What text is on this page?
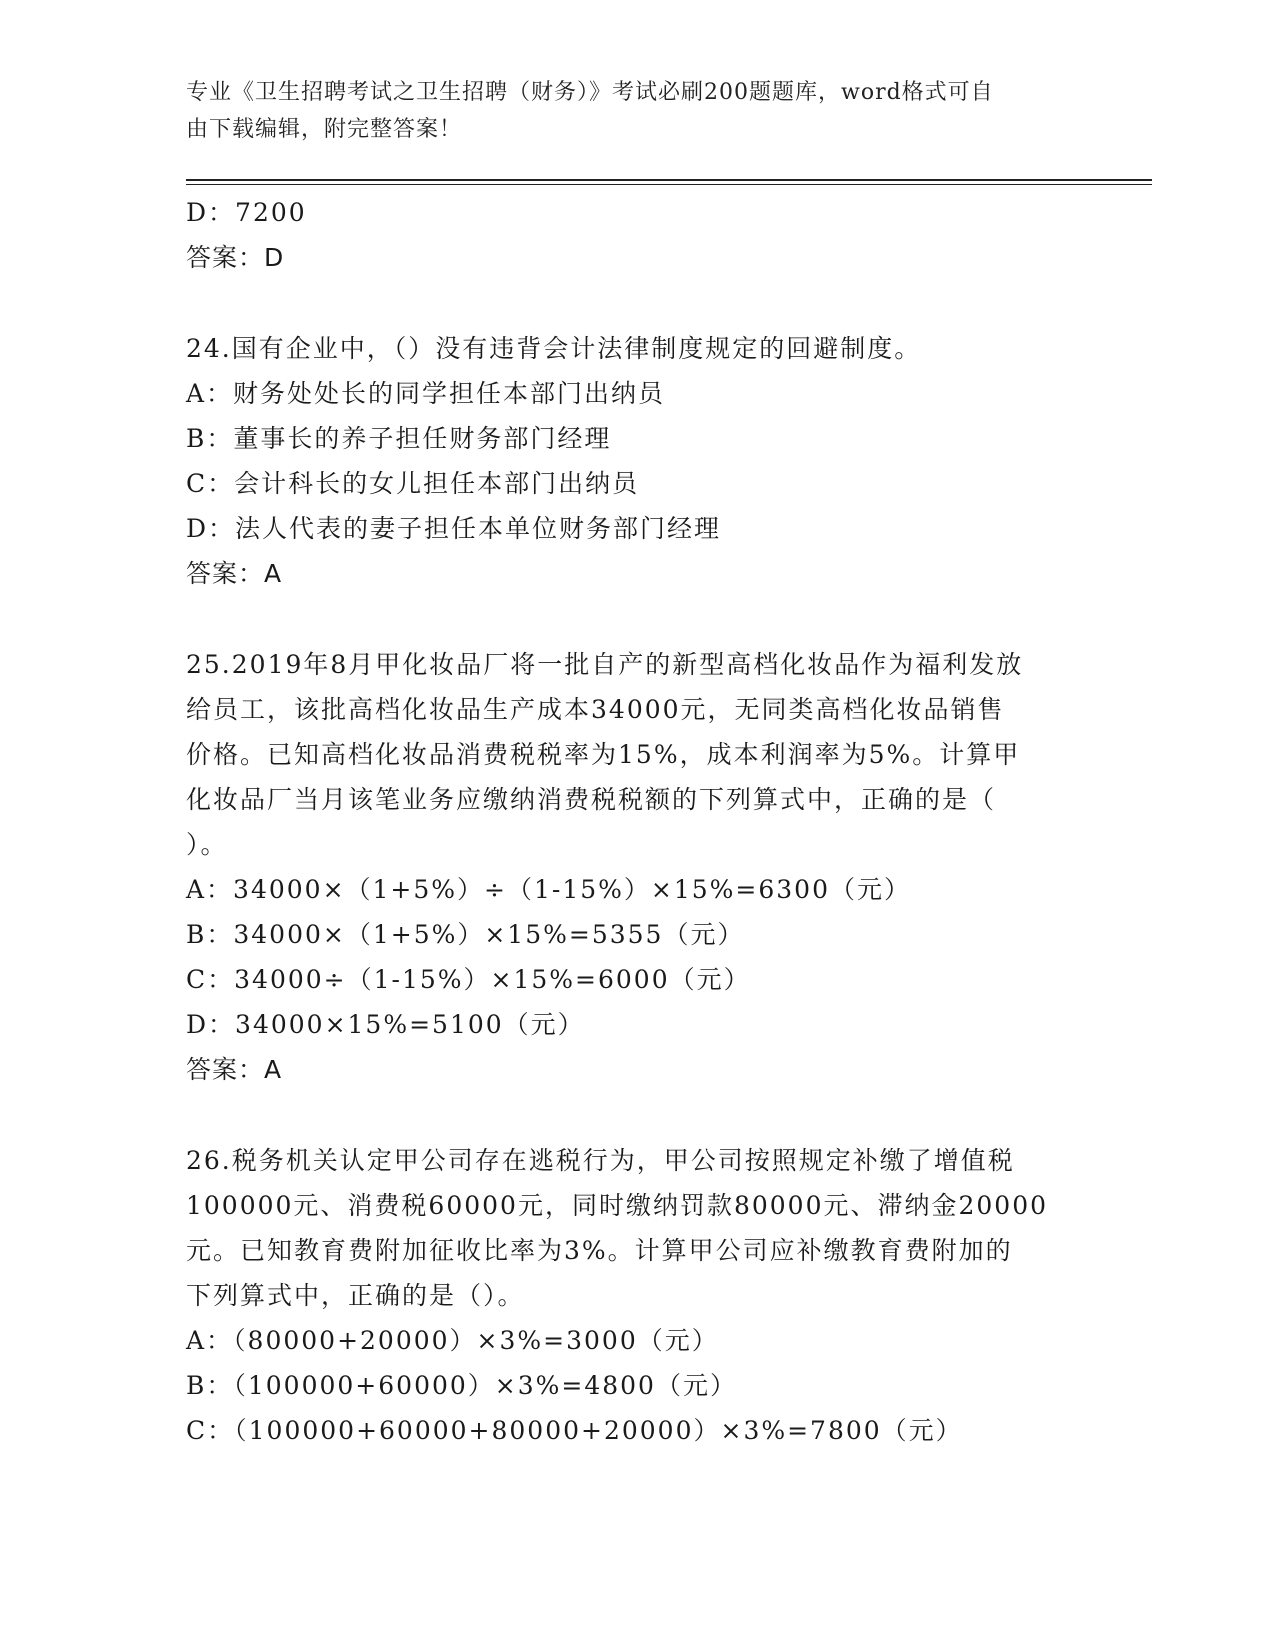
专业《卫生招聘考试之卫生招聘（财务）》考试必刷200题题库，word格式可自
由下载编辑，附完整答案！
D：7200
答案：D
24.国有企业中，（）没有违背会计法律制度规定的回避制度。
A：财务处处长的同学担任本部门出纳员
B：董事长的养子担任财务部门经理
C：会计科长的女儿担任本部门出纳员
D：法人代表的妻子担任本单位财务部门经理
答案：A
25.2019年8月甲化妆品厂将一批自产的新型高档化妆品作为福利发放
给员工，该批高档化妆品生产成本34000元，无同类高档化妆品销售
价格。已知高档化妆品消费税税率为15%，成本利润率为5%。计算甲
化妆品厂当月该笔业务应缴纳消费税税额的下列算式中，正确的是（
）。
A：34000×（1+5%）÷（1-15%）×15%=6300（元）
B：34000×（1+5%）×15%=5355（元）
C：34000÷（1-15%）×15%=6000（元）
D：34000×15%=5100（元）
答案：A
26.税务机关认定甲公司存在逃税行为，甲公司按照规定补缴了增值税
100000元、消费税60000元，同时缴纳罚款80000元、滞纳金20000
元。已知教育费附加征收比率为3%。计算甲公司应补缴教育费附加的
下列算式中，正确的是（）。
A：（80000+20000）×3%=3000（元）
B：（100000+60000）×3%=4800（元）
C：（100000+60000+80000+20000）×3%=7800（元）
